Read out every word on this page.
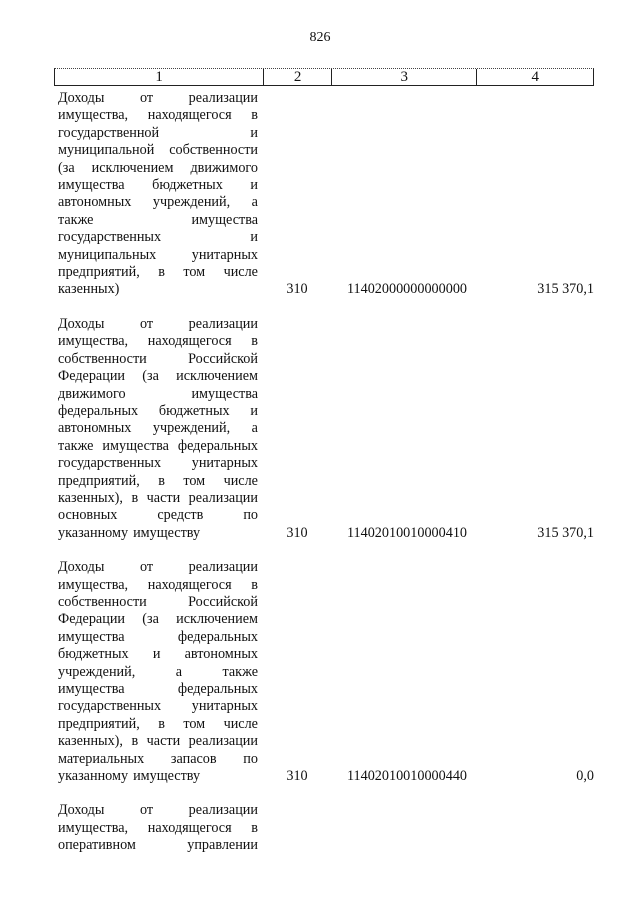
826
1	2	3	4
Доходы	от	реализации
имущества, находящегося в
государственной	и
муниципальной собственности
(за исключением движимого
имущества бюджетных и
автономных учреждений, а
также	имущества
государственных	и
муниципальных	унитарных
предприятий, в том числе
казенных)	310	11402000000000000	315 370,1
Доходы	от	реализации
имущества, находящегося в
собственности	Российской
Федерации (за исключением
движимого	имущества
федеральных бюджетных и
автономных учреждений, а
также имущества федеральных
государственных унитарных
предприятий, в том числе
казенных), в части реализации
основных	средств	по
указанному имуществу	310	11402010010000410	315 370,1
Доходы	от	реализации
имущества, находящегося в
собственности	Российской
Федерации (за исключением
имущества	федеральных
бюджетных и автономных
учреждений,	а	также
имущества	федеральных
государственных унитарных
предприятий, в том числе
казенных), в части реализации
материальных запасов по
указанному имуществу	310	11402010010000440	0,0
Доходы	от	реализации
имущества, находящегося в
оперативном	управлении
